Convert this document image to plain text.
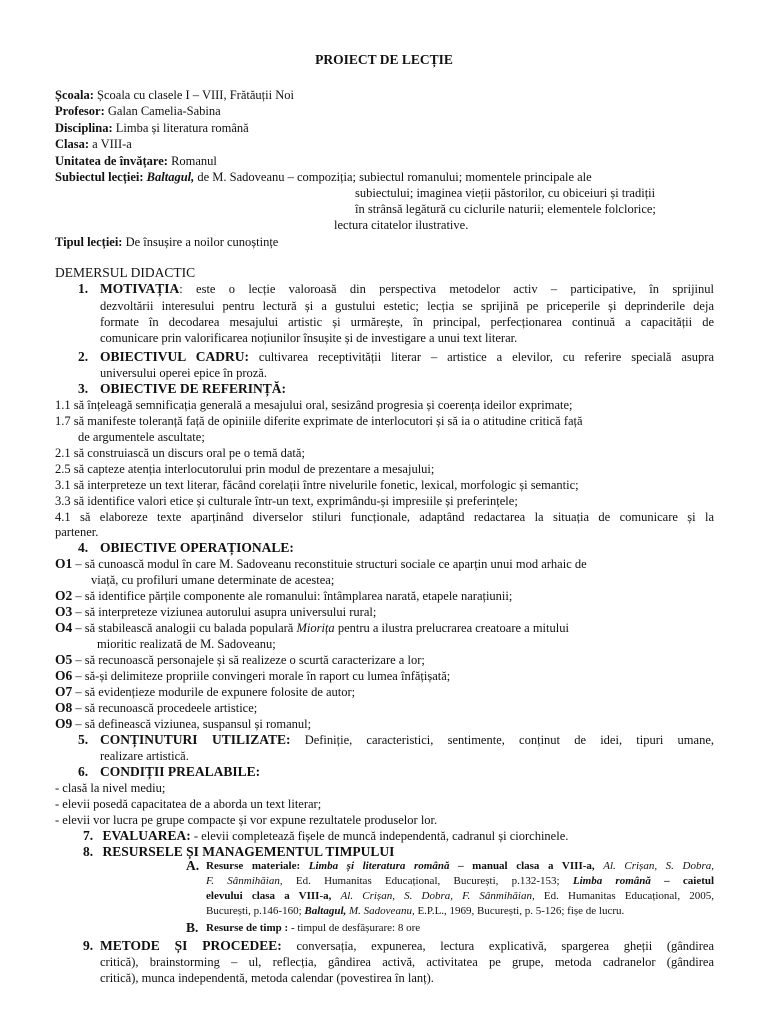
PROIECT DE LECȚIE
Școala: Școala cu clasele I – VIII, Frătăuții Noi
Profesor: Galan Camelia-Sabina
Disciplina: Limba și literatura română
Clasa: a VIII-a
Unitatea de învățare: Romanul
Subiectul lecției: Baltagul, de M. Sadoveanu – compoziția; subiectul romanului; momentele principale ale
subiectului; imaginea vieții păstorilor, cu obiceiuri și tradiții
în strânsă legătură cu ciclurile naturii; elementele folclorice;
lectura citatelor ilustrative.
Tipul lecției: De însușire a noilor cunoștințe
DEMERSUL DIDACTIC
1. MOTIVAȚIA: este o lecție valoroasă din perspectiva metodelor activ – participative, în sprijinul
dezvoltării interesului pentru lectură și a gustului estetic; lecția se sprijină pe priceperile și deprinderile deja
formate în decodarea mesajului artistic și urmărește, în principal, perfecționarea continuă a capacității de
comunicare prin valorificarea noțiunilor însușite și de investigare a unui text literar.
2. OBIECTIVUL CADRU: cultivarea receptivității literar – artistice a elevilor, cu referire specială asupra
universului operei epice în proză.
3. OBIECTIVE DE REFERINȚĂ:
1.1 să înțeleagă semnificația generală a mesajului oral, sesizând progresia și coerența ideilor exprimate;
1.7 să manifeste toleranță față de opiniile diferite exprimate de interlocutori și să ia o atitudine critică față
de argumentele ascultate;
2.1 să construiască un discurs oral pe o temă dată;
2.5 să capteze atenția interlocutorului prin modul de prezentare a mesajului;
3.1 să interpreteze un text literar, făcând corelații între nivelurile fonetic, lexical, morfologic și semantic;
3.3 să identifice valori etice și culturale într-un text, exprimându-și impresiile și preferințele;
4.1 să elaboreze texte aparținând diverselor stiluri funcționale, adaptând redactarea la situația de comunicare și la
partener.
4. OBIECTIVE OPERAȚIONALE:
O1 – să cunoască modul în care M. Sadoveanu reconstituie structuri sociale ce aparțin unui mod arhaic de
viață, cu profiluri umane determinate de acestea;
O2 – să identifice părțile componente ale romanului: întâmplarea narată, etapele narațiunii;
O3 – să interpreteze viziunea autorului asupra universului rural;
O4 – să stabilească analogii cu balada populară Miorița pentru a ilustra prelucrarea creatoare a mitului
mioritic realizată de M. Sadoveanu;
O5 – să recunoască personajele și să realizeze o scurtă caracterizare a lor;
O6 – să-și delimiteze propriile convingeri morale în raport cu lumea înfățișată;
O7 – să evidențieze modurile de expunere folosite de autor;
O8 – să recunoască procedeele artistice;
O9 – să definească viziunea, suspansul și romanul;
5. CONȚINUTURI UTILIZATE: Definiție, caracteristici, sentimente, conținut de idei, tipuri umane,
realizare artistică.
6. CONDIȚII PREALABILE:
- clasă la nivel mediu;
- elevii posedă capacitatea de a aborda un text literar;
- elevii vor lucra pe grupe compacte și vor expune rezultatele produselor lor.
7. EVALUAREA: - elevii completează fișele de muncă independentă, cadranul și ciorchinele.
8. RESURSELE ȘI MANAGEMENTUL TIMPULUI
A. Resurse materiale: Limba și literatura română – manual clasa a VIII-a, Al. Crișan, S. Dobra,
F. Sânmihăian, Ed. Humanitas Educațional, București, p.132-153; Limba română – caietul
elevului clasa a VIII-a, Al. Crișan, S. Dobra, F. Sânmihăian, Ed. Humanitas Educațional, 2005,
București, p.146-160; Baltagul, M. Sadoveanu, E.P.L., 1969, București, p. 5-126; fișe de lucru.
B. Resurse de timp : - timpul de desfășurare: 8 ore
9. METODE ȘI PROCEDEE: conversația, expunerea, lectura explicativă, spargerea gheții (gândirea
critică), brainstorming – ul, reflecția, gândirea activă, activitatea pe grupe, metoda cadranelor (gândirea
critică), munca independentă, metoda calendar (povestirea în lanț).
